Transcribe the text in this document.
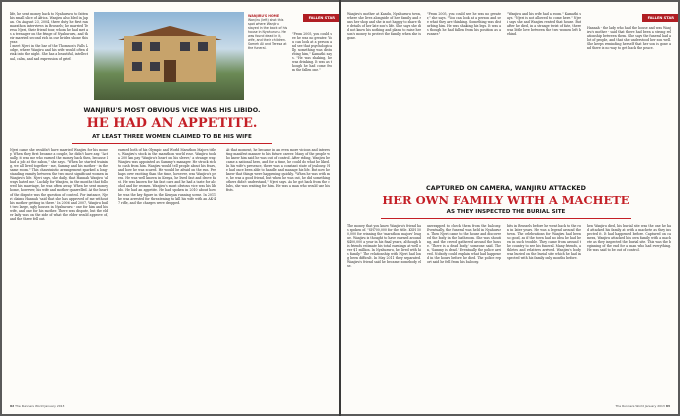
FALLEN STAR

life, he sent money back to Nyahururu to fatten his small slice of Africa. Wanjiru also bled in Japan. On August 23, 2004, there duty he first ran marathon interviews in Brussels; he married Teresa Njeri, their friend tour, whom he had met as a teenager on the fringe of Nyahururu, and their married second rich in our brides shone this year.

I meet Njeri in the bar of the Thomson's Falls Lodge, where Wanjiru and his wife would often drink into the night. She has a beautiful, intellectual, calm, and sad expression of grief.

WANJIRU'S HOME Wanjiru (left) shot this spot where Wanjiru stayed in the back of his house in Nyahururu. He was found dead in it, wife, and their children. Sameh Ali and Teresa at the funeral.

"From 2005, you could see he was no greater. You can look at a person and see that psychologically, something was disturbing him," Kamathi says. "He was shaking, he was drinking. It was as though he had come from the fallen one."

WANJIRU'S MOST OBVIOUS VICE WAS HIS LIBIDO.
HE HAD AN APPETITE.
AT LEAST THREE WOMEN CLAIMED TO BE HIS WIFE

Njeri came she wouldn't have married Wanjiru for his money. When they first became a couple, he didn't have any. "Actually, it was me who earned the money back then, because I had a job at the sabon," she says. "When he started training, we all lived together - me, Sammy and his mother - in the same room." This chauvinistic arrangement sparked a long-standing enmity between the two most significant women in Wanjiru's life. Njeri says, she daily, that Hannah Wanjiru 'always hated me.' Luckily for Wanjiru, in the months that followed his marriage, he was often away. When he sent money home, however, his wife and mother quarrelled. At the heart of the dispute was the question of control. For instance, Njeri claims Hannah 'said that she has approved of me without his mother getting in there.' In 2006 and 2007, Wanjiru built two large, ugly houses in Nyahururu - one for him and his wife, and one for his mother. There was dispute, but the elder lady was on the side of what the elder would approve of, and the three fell out.

earned both of his Olympic and World Marathon Majors titles, Wanjiru's stock in the marathon world rose. Wanjiru took a 200 km pay 'Wanjiru's heart on his sleeve,' a strange way. Wanjiru was appointed as Sammy's manager. He struck rich to cash from him. Wanjiru would tell people about his fears, and how he was scared. He would be afraid on the run. Perhaps over exciting than the time, however, was Wanjiru's press. He was well known in Kenya, he lived fast and drove fast. He was known for his fast cars and he had a taste for alcohol and for women. Wanjiru's most obvious vice was his libido. He had an appetite. He had spoken in 2010 about how he was the key figure in the Kenyan running scene. In 2011 he was arrested for threatening to kill his wife with an AK-47 rifle, and the charges were dropped.

At that moment, he became in an even more vicious and interesting manifest manner to his future career. Many of the people who knew him said he was out of control. After riding, Wanjiru became a national hero, and for a time, he could do what he liked. In his wife's presence, there was a constant state of jealousy. He had once been able to handle and manage his life. But now he knew that things were happening quickly. "When he was with me, he was a good friend, but when he was out, he did something others didn't understand," Njeri says. As he got back from the clubs, she was waiting for him. He was a man who would use his fists.

82 The Runners World January 2013
FALLEN STAR

Wanjiru's mother at Kandu, Nyahururu town, where she lives alongside of her family and runs her shop and she is not happy to share the details of her late son's life. She says she did not know his nothing and plans to raise her son's money to protect the family when she is gone.

"From 2005, you could see he was no greater," she says. "You can look at a person and see what they are thinking. Something was disturbing him. He was shaking his legs. It was as though he had fallen from his position as a runner."

"Wanjiru and his wife had a room." Kamathi says. "Njeri is not allowed to come here." Njeri says she and Wanjiru rented that house. But after he died, in a strange twist of fate, there was little love between the two women left behind.

Hannah - the lady who had the house and was Wanjiru's mother - said that there had been a strong relationship between them. She says the funeral had a lot of people, and that she understood her son well. She keeps reminding herself that her son is gone and there is no way to get back the peace.

CAPTURED ON CAMERA, WANJIRU ATTACKED
HER OWN FAMILY WITH A MACHETE
AS THEY INSPECTED THE BURIAL SITE

The money that you know Wanjiru's friend has spoken of. "SH700,000 for the title. KSH 500,000 for winning the 'marathon majors' league. Wanjiru is thought to have earned around $400,000 a year in his final years, although his friends estimate his total earnings at well over $1 million. In Nyahururu, he lived with his family." The relationship with Njeri had long been difficult. In May 2011 they separated. Wanjiru's friend said he became somebody else.

unwrapped to check them from the balcony. Eventually, the funeral was held in Nyahururu. Then Njeri came to the house and discovered the body in the bathroom. She was shouting, and the crowd gathered around the house. 'There is a dead body,' someone said. Then, 'Sammy is dead.' Eventually the police arrived. Nobody could explain what had happened in the hours before he died. The police report said he fell from his balcony.

bits in Brussels before he went back to the run in later years. He was a legend around the town. The celebrations for Wanjiru had been so good, as if the town had no idea he had been in such trouble. They came from around the country to see his funeral. Many friends, athletes and relatives arrived. Wanjiru's body was buried on the burial site which he had inspected with his family only months before.

hen Wanjiru died, his burial site was the one he had attacked his family at with a machete as they inspected it. It had happened before. Captured on camera, Wanjiru attacked his own family with a machete as they inspected the burial site. This was the beginning of the end for a man who had everything. He was said to be out of control.

The Runners World January 2013 83
